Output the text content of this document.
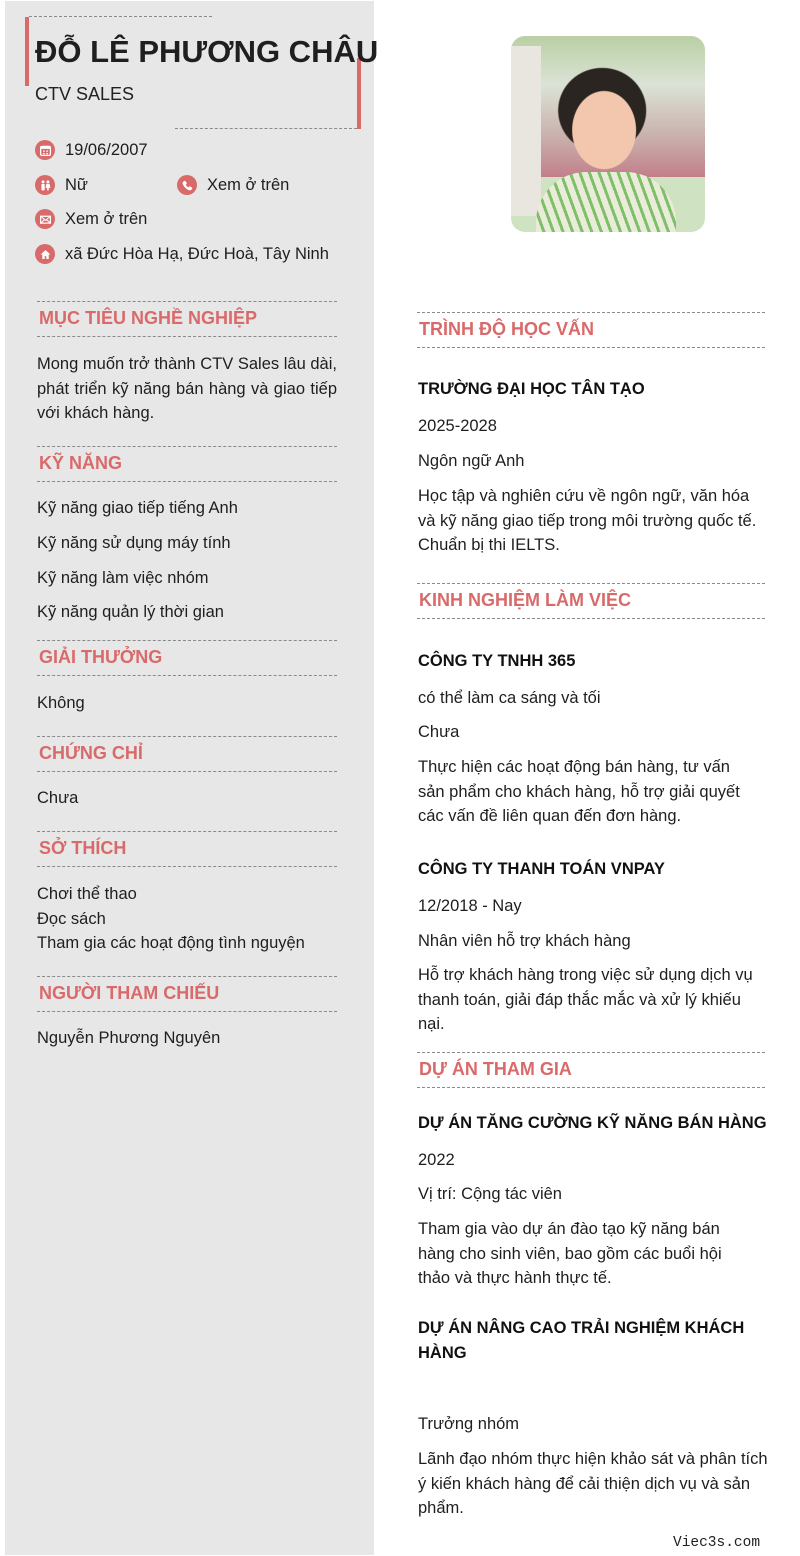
ĐỖ LÊ PHƯƠNG CHÂU
CTV SALES
19/06/2007
Nữ	Xem ở trên
Xem ở trên
xã Đức Hòa Hạ, Đức Hoà, Tây Ninh
MỤC TIÊU NGHỀ NGHIỆP
Mong muốn trở thành CTV Sales lâu dài, phát triển kỹ năng bán hàng và giao tiếp với khách hàng.
KỸ NĂNG
Kỹ năng giao tiếp tiếng Anh
Kỹ năng sử dụng máy tính
Kỹ năng làm việc nhóm
Kỹ năng quản lý thời gian
GIẢI THƯỞNG
Không
CHỨNG CHỈ
Chưa
SỞ THÍCH
Chơi thể thao
Đọc sách
Tham gia các hoạt động tình nguyện
NGƯỜI THAM CHIẾU
Nguyễn Phương Nguyên
TRÌNH ĐỘ HỌC VẤN
TRƯỜNG ĐẠI HỌC TÂN TẠO
2025-2028
Ngôn ngữ Anh
Học tập và nghiên cứu về ngôn ngữ, văn hóa và kỹ năng giao tiếp trong môi trường quốc tế. Chuẩn bị thi IELTS.
KINH NGHIỆM LÀM VIỆC
CÔNG TY TNHH 365
có thể làm ca sáng và tối
Chưa
Thực hiện các hoạt động bán hàng, tư vấn sản phẩm cho khách hàng, hỗ trợ giải quyết các vấn đề liên quan đến đơn hàng.
CÔNG TY THANH TOÁN VNPAY
12/2018 - Nay
Nhân viên hỗ trợ khách hàng
Hỗ trợ khách hàng trong việc sử dụng dịch vụ thanh toán, giải đáp thắc mắc và xử lý khiếu nại.
DỰ ÁN THAM GIA
DỰ ÁN TĂNG CƯỜNG KỸ NĂNG BÁN HÀNG
2022
Vị trí: Cộng tác viên
Tham gia vào dự án đào tạo kỹ năng bán hàng cho sinh viên, bao gồm các buổi hội thảo và thực hành thực tế.
DỰ ÁN NÂNG CAO TRẢI NGHIỆM KHÁCH HÀNG
Trưởng nhóm
Lãnh đạo nhóm thực hiện khảo sát và phân tích ý kiến khách hàng để cải thiện dịch vụ và sản phẩm.
Viec3s.com
